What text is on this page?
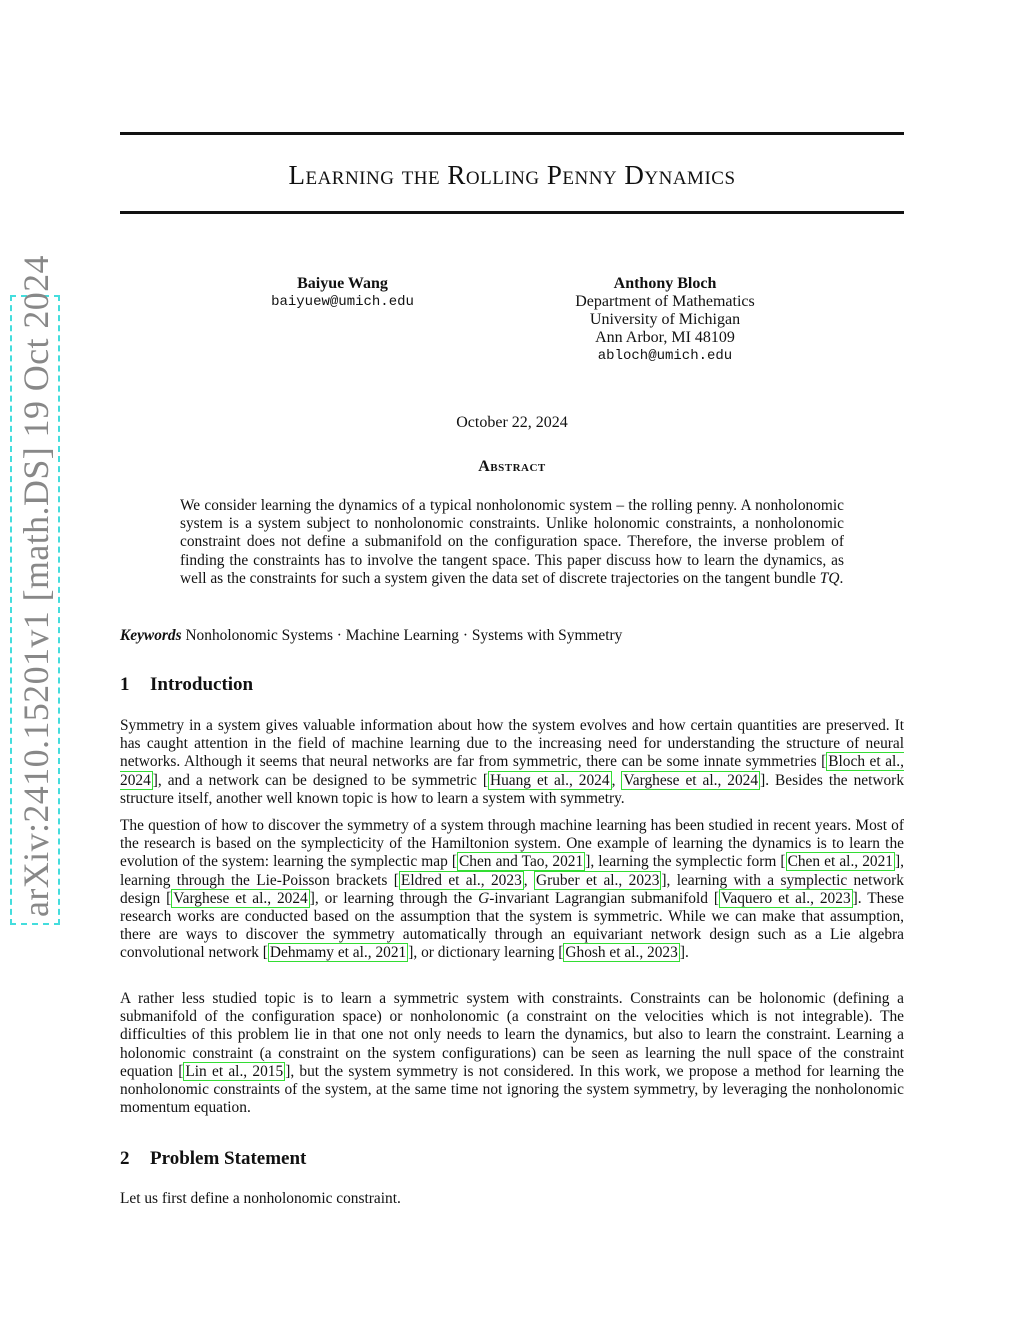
arXiv:2410.15201v1 [math.DS] 19 Oct 2024
Learning the Rolling Penny Dynamics
Baiyue Wang
baiyuew@umich.edu
Anthony Bloch
Department of Mathematics
University of Michigan
Ann Arbor, MI 48109
abloch@umich.edu
October 22, 2024
Abstract
We consider learning the dynamics of a typical nonholonomic system – the rolling penny. A nonholonomic system is a system subject to nonholonomic constraints. Unlike holonomic constraints, a nonholonomic constraint does not define a submanifold on the configuration space. Therefore, the inverse problem of finding the constraints has to involve the tangent space. This paper discuss how to learn the dynamics, as well as the constraints for such a system given the data set of discrete trajectories on the tangent bundle TQ.
Keywords Nonholonomic Systems · Machine Learning · Systems with Symmetry
1 Introduction
Symmetry in a system gives valuable information about how the system evolves and how certain quantities are preserved. It has caught attention in the field of machine learning due to the increasing need for understanding the structure of neural networks. Although it seems that neural networks are far from symmetric, there can be some innate symmetries [ Bloch et al., 2024 ], and a network can be designed to be symmetric [ Huang et al., 2024 , Varghese et al., 2024 ]. Besides the network structure itself, another well known topic is how to learn a system with symmetry.
The question of how to discover the symmetry of a system through machine learning has been studied in recent years. Most of the research is based on the symplecticity of the Hamiltonion system. One example of learning the dynamics is to learn the evolution of the system: learning the symplectic map [ Chen and Tao, 2021 ], learning the symplectic form [ Chen et al., 2021 ], learning through the Lie-Poisson brackets [ Eldred et al., 2023 , Gruber et al., 2023 ], learning with a symplectic network design [ Varghese et al., 2024 ], or learning through the G-invariant Lagrangian submanifold [ Vaquero et al., 2023 ]. These research works are conducted based on the assumption that the system is symmetric. While we can make that assumption, there are ways to discover the symmetry automatically through an equivariant network design such as a Lie algebra convolutional network [ Dehmamy et al., 2021 ], or dictionary learning [ Ghosh et al., 2023 ].
A rather less studied topic is to learn a symmetric system with constraints. Constraints can be holonomic (defining a submanifold of the configuration space) or nonholonomic (a constraint on the velocities which is not integrable). The difficulties of this problem lie in that one not only needs to learn the dynamics, but also to learn the constraint. Learning a holonomic constraint (a constraint on the system configurations) can be seen as learning the null space of the constraint equation [ Lin et al., 2015 ], but the system symmetry is not considered. In this work, we propose a method for learning the nonholonomic constraints of the system, at the same time not ignoring the system symmetry, by leveraging the nonholonomic momentum equation.
2 Problem Statement
Let us first define a nonholonomic constraint.
